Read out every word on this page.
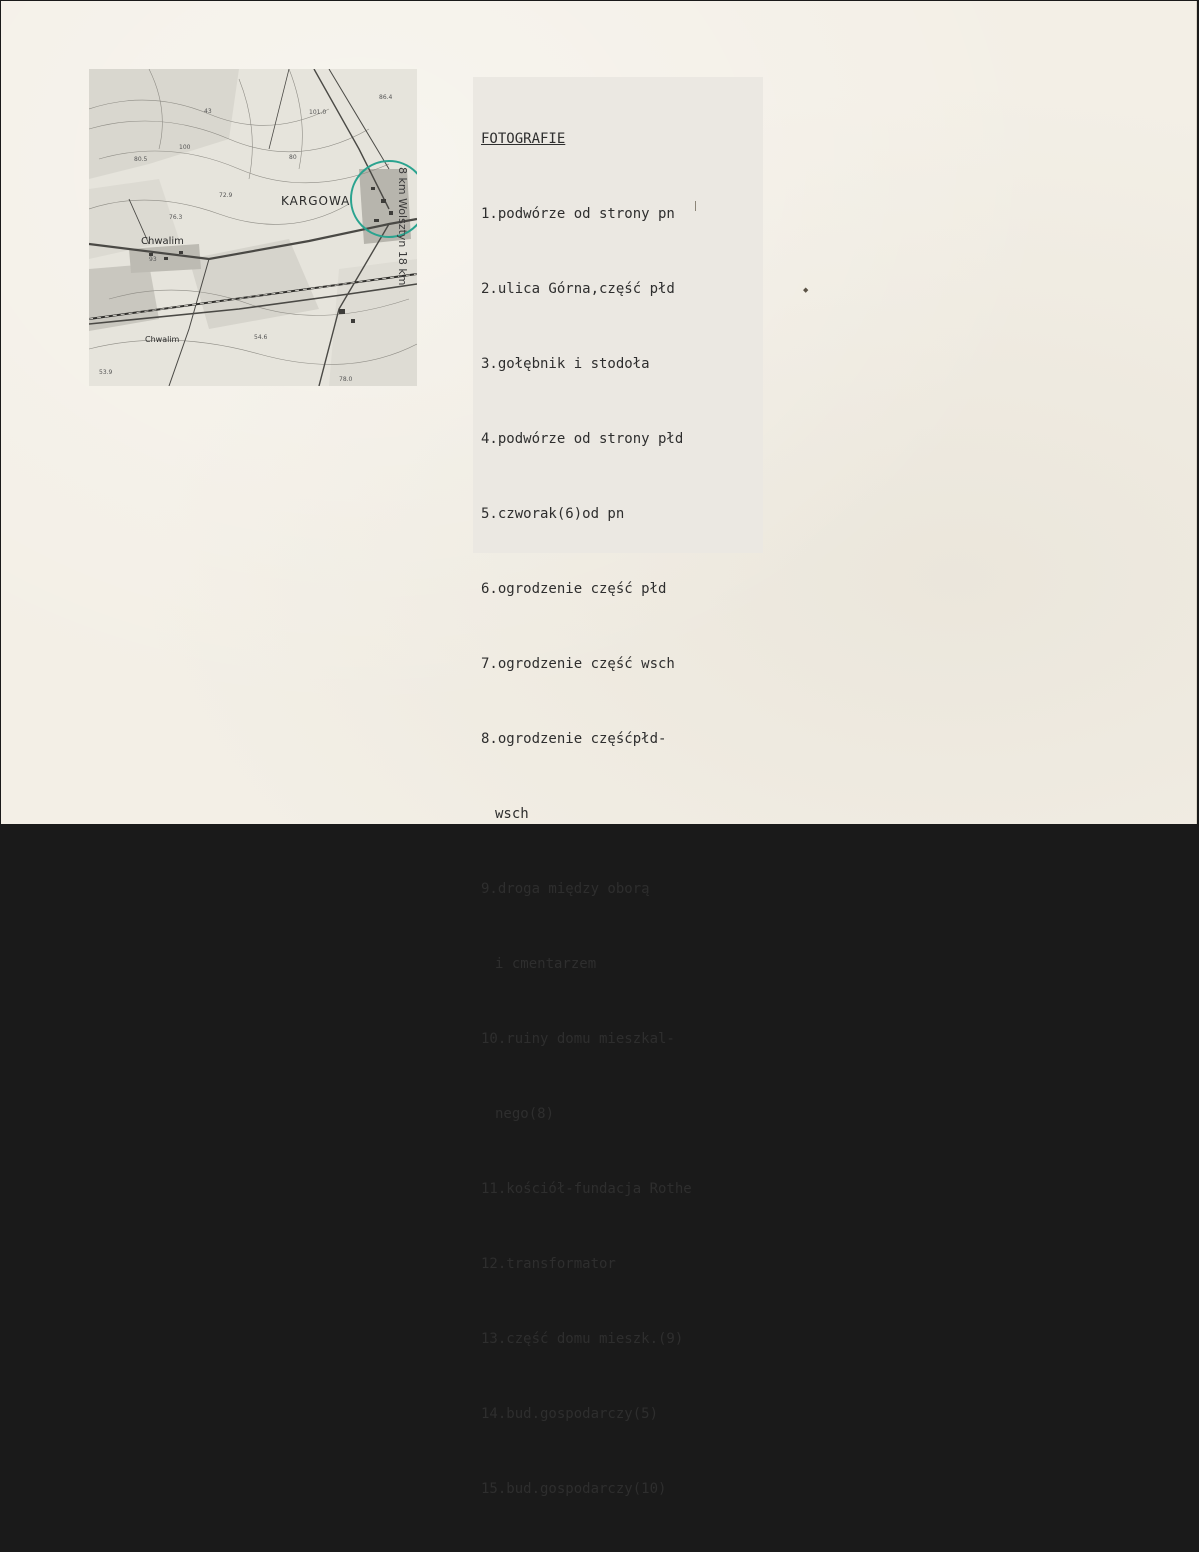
43	101.0
80.5
100
72.9
76.3
80
86.4
53.9
54.6
78.0
93
KARGOWA
Chwalim
Chwalim
8 km Wolsztyn 18 km

FOTOGRAFIE

1.podwórze od strony pn

2.ulica Górna,część płd

3.gołębnik i stodoła

4.podwórze od strony płd

5.czworak(6)od pn

6.ogrodzenie część płd

7.ogrodzenie część wsch

8.ogrodzenie częśćpłd-

wsch

9.droga między oborą

i cmentarzem

10.ruiny domu mieszkal-

nego(8)

11.kościół-fundacja Rothe

12.transformator

13.część domu mieszk.(9)

14.bud.gospodarczy(5)

15.bud.gospodarczy(10)

◆
